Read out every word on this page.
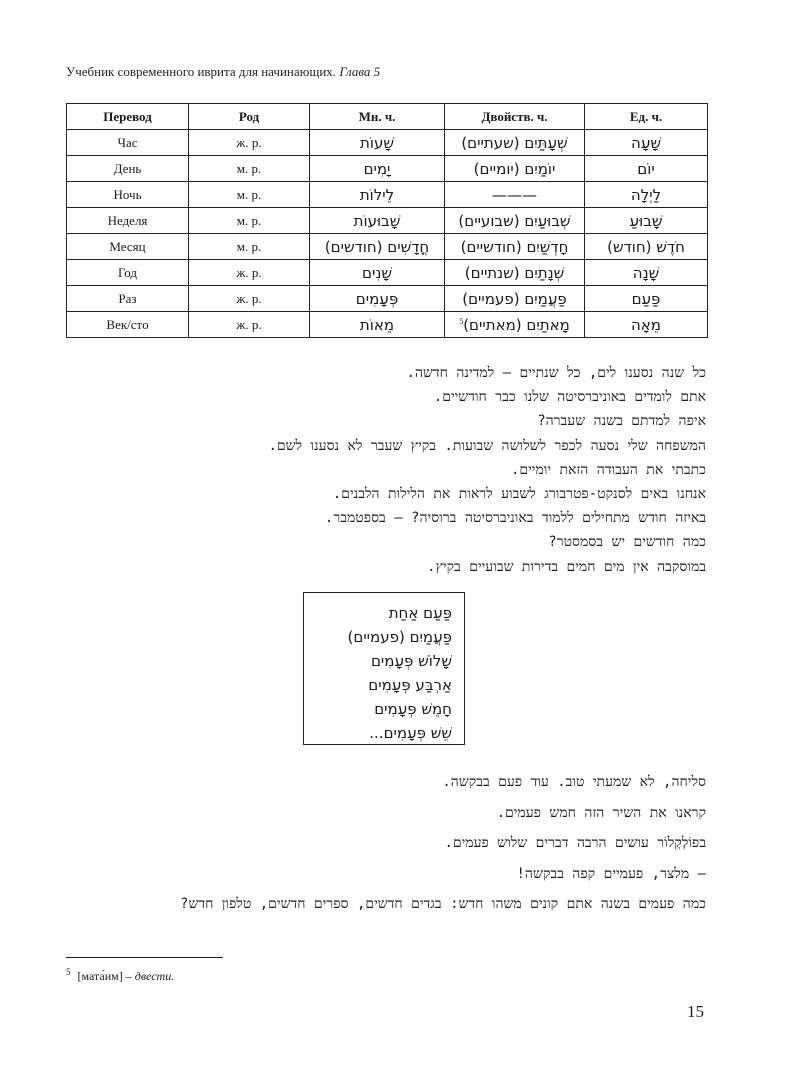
Учебник современного иврита для начинающих. Глава 5
Перевод	Род	Мн. ч.	Двойств. ч.	Ед. ч.
Час	ж. р.	שָׁעוֹת	שְׁעָתַּיִם (שעתיים)	שָׁעָה
День	м. р.	יָמִים	יוֹמַיִם (יומיים)	יוֹם
Ночь	м. р.	לֵילוֹת	———	לַיְלָה
Неделя	м. р.	שָׁבוּעוֹת	שְׁבוּעַיִם (שבועיים)	שָׁבוּעַ
Месяц	м. р.	חֳדָשִׁים (חודשים)	חָדְשַׁיִם (חודשיים)	חֹדֶשׁ (חודש)
Год	ж. р.	שָׁנִים	שְׁנָתַיִם (שנתיים)	שָׁנָה
Раз	ж. р.	פְּעָמִים	פַּעֲמַיִם (פעמיים)	פַּעַם
Век/сто	ж. р.	מֵאוֹת	מָאתַיִם (מאתיים)$^5$	מֵאָה
כל שנה נסענו לים, כל שנתיים – למדינה חדשה.
אתם לומדים באוניברסיטה שלנו כבר חודשיים.
איפה למדתם בשנה שעברה?
המשפחה שלי נסעה לכפר לשלושה שבועות. בקיץ שעבר לא נסענו לשם.
כתבתי את העבודה הזאת יומיים.
אנחנו באים לסנקט-פטרבורג לשבוע לראות את הלילות הלבנים.
באיזה חודש מתחילים ללמוד באוניברסיטה ברוסיה? – בספטמבר.
כמה חודשים יש בסמסטר?
במוסקבה אין מים חמים בדירות שבועיים בקיץ.
פַּעַם אַחַת
פַּעֲמַיִם (פעמיים)
שָׁלוֹשׁ פְּעָמִים
אַרְבַּע פְּעָמִים
חָמֵשׁ פְּעָמִים
שֵׁשׁ פְּעָמִים...
סליחה, לא שמעתי טוב. עוד פעם בבקשה.
קראנו את השיר הזה חמש פעמים.
בפוֹלְקְלוֹר עושים הרבה דברים שלוש פעמים.
– מלצר, פעמיים קפה בבקשה!
כמה פעמים בשנה אתם קונים משהו חדש: בגדים חדשים, ספרים חדשים, טלפון חדש?
$^5$ [мата́им] – двести.
15
